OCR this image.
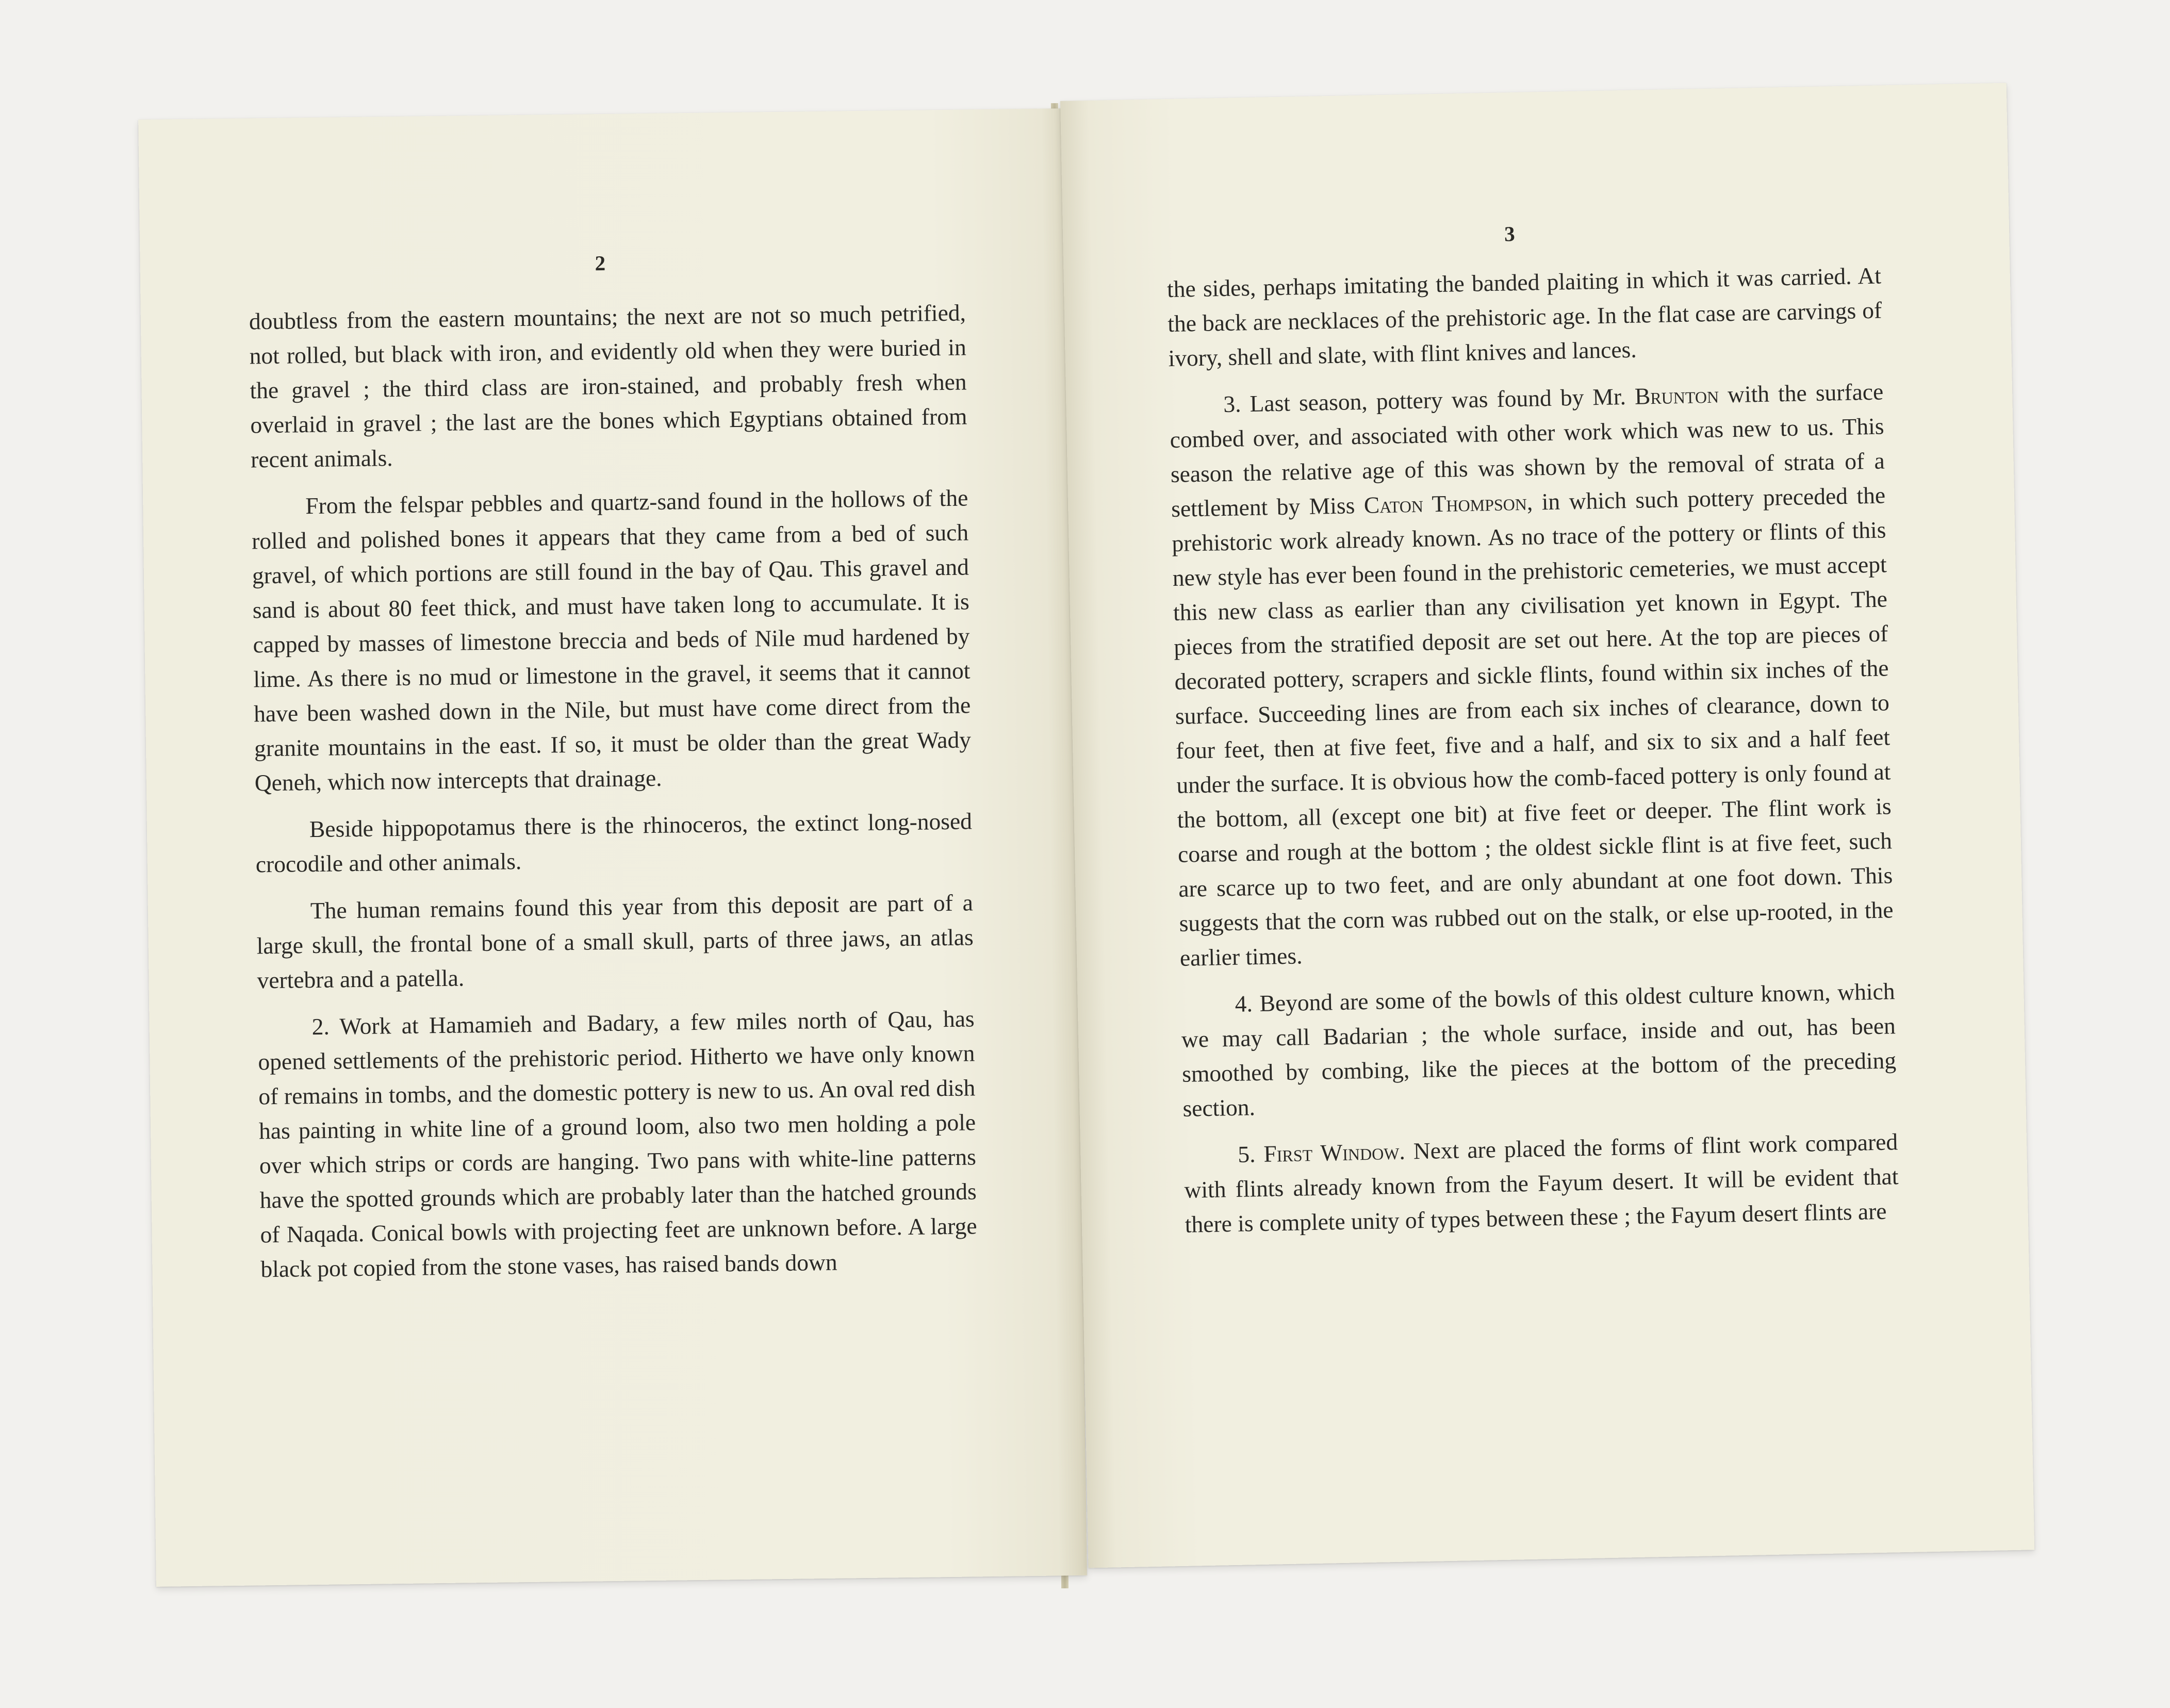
2

doubtless from the eastern mountains; the next are not so much petrified, not rolled, but black with iron, and evidently old when they were buried in the gravel ; the third class are iron-stained, and probably fresh when overlaid in gravel ; the last are the bones which Egyptians obtained from recent animals.

From the felspar pebbles and quartz-sand found in the hollows of the rolled and polished bones it appears that they came from a bed of such gravel, of which portions are still found in the bay of Qau. This gravel and sand is about 80 feet thick, and must have taken long to accumulate. It is capped by masses of limestone breccia and beds of Nile mud hardened by lime. As there is no mud or limestone in the gravel, it seems that it cannot have been washed down in the Nile, but must have come direct from the granite mountains in the east. If so, it must be older than the great Wady Qeneh, which now intercepts that drainage.

Beside hippopotamus there is the rhinoceros, the extinct long-nosed crocodile and other animals.

The human remains found this year from this deposit are part of a large skull, the frontal bone of a small skull, parts of three jaws, an atlas vertebra and a patella.

2. Work at Hamamieh and Badary, a few miles north of Qau, has opened settlements of the prehistoric period. Hitherto we have only known of remains in tombs, and the domestic pottery is new to us. An oval red dish has painting in white line of a ground loom, also two men holding a pole over which strips or cords are hanging. Two pans with white-line patterns have the spotted grounds which are probably later than the hatched grounds of Naqada. Conical bowls with projecting feet are unknown before. A large black pot copied from the stone vases, has raised bands down

3

the sides, perhaps imitating the banded plaiting in which it was carried. At the back are necklaces of the prehistoric age. In the flat case are carvings of ivory, shell and slate, with flint knives and lances.

3. Last season, pottery was found by Mr. Brunton with the surface combed over, and associated with other work which was new to us. This season the relative age of this was shown by the removal of strata of a settlement by Miss Caton Thompson, in which such pottery preceded the prehistoric work already known. As no trace of the pottery or flints of this new style has ever been found in the prehistoric cemeteries, we must accept this new class as earlier than any civilisation yet known in Egypt. The pieces from the stratified deposit are set out here. At the top are pieces of decorated pottery, scrapers and sickle flints, found within six inches of the surface. Succeeding lines are from each six inches of clearance, down to four feet, then at five feet, five and a half, and six to six and a half feet under the surface. It is obvious how the comb-faced pottery is only found at the bottom, all (except one bit) at five feet or deeper. The flint work is coarse and rough at the bottom ; the oldest sickle flint is at five feet, such are scarce up to two feet, and are only abundant at one foot down. This suggests that the corn was rubbed out on the stalk, or else up-rooted, in the earlier times.

4. Beyond are some of the bowls of this oldest culture known, which we may call Badarian ; the whole surface, inside and out, has been smoothed by combing, like the pieces at the bottom of the preceding section.

5. First Window. Next are placed the forms of flint work compared with flints already known from the Fayum desert. It will be evident that there is complete unity of types between these ; the Fayum desert flints are
